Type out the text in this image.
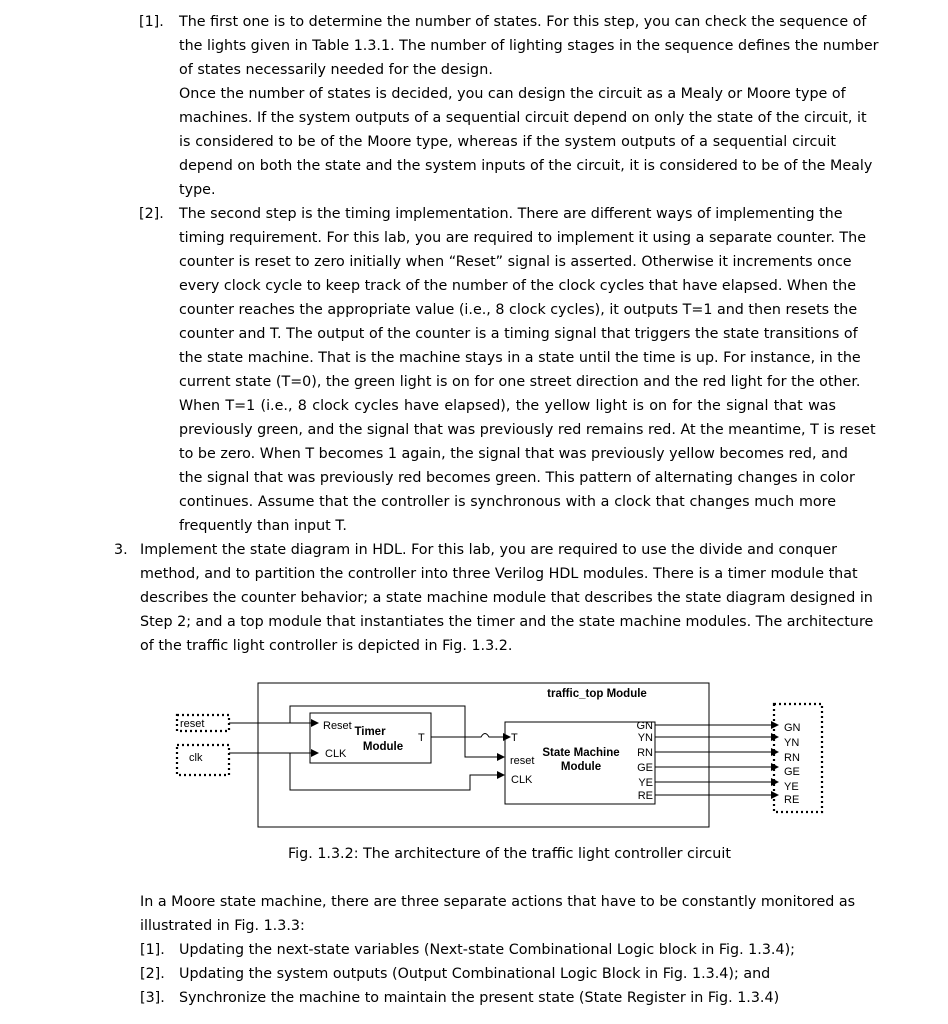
[1]. The first one is to determine the number of states. For this step, you can check the sequence of
the lights given in Table 1.3.1. The number of lighting stages in the sequence defines the number
of states necessarily needed for the design.
Once the number of states is decided, you can design the circuit as a Mealy or Moore type of
machines. If the system outputs of a sequential circuit depend on only the state of the circuit, it
is considered to be of the Moore type, whereas if the system outputs of a sequential circuit
depend on both the state and the system inputs of the circuit, it is considered to be of the Mealy
type.
[2]. The second step is the timing implementation. There are different ways of implementing the
timing requirement. For this lab, you are required to implement it using a separate counter. The
counter is reset to zero initially when “Reset” signal is asserted. Otherwise it increments once
every clock cycle to keep track of the number of the clock cycles that have elapsed. When the
counter reaches the appropriate value (i.e., 8 clock cycles), it outputs T=1 and then resets the
counter and T. The output of the counter is a timing signal that triggers the state transitions of
the state machine. That is the machine stays in a state until the time is up. For instance, in the
current state (T=0), the green light is on for one street direction and the red light for the other.
When T=1 (i.e., 8 clock cycles have elapsed), the yellow light is on for the signal that was
previously green, and the signal that was previously red remains red. At the meantime, T is reset
to be zero. When T becomes 1 again, the signal that was previously yellow becomes red, and
the signal that was previously red becomes green. This pattern of alternating changes in color
continues. Assume that the controller is synchronous with a clock that changes much more
frequently than input T.
3. Implement the state diagram in HDL. For this lab, you are required to use the divide and conquer
method, and to partition the controller into three Verilog HDL modules. There is a timer module that
describes the counter behavior; a state machine module that describes the state diagram designed in
Step 2; and a top module that instantiates the timer and the state machine modules. The architecture
of the traffic light controller is depicted in Fig. 1.3.2.
traffic_top Module
reset
clk
Timer
Module
Reset
CLK
T
State Machine
Module
T
reset
CLK
GN
YN
RN
GE
YE
RE
GN
YN
RN
GE
YE
RE
Fig. 1.3.2: The architecture of the traffic light controller circuit
In a Moore state machine, there are three separate actions that have to be constantly monitored as
illustrated in Fig. 1.3.3:
[1]. Updating the next-state variables (Next-state Combinational Logic block in Fig. 1.3.4);
[2]. Updating the system outputs (Output Combinational Logic Block in Fig. 1.3.4); and
[3]. Synchronize the machine to maintain the present state (State Register in Fig. 1.3.4)
